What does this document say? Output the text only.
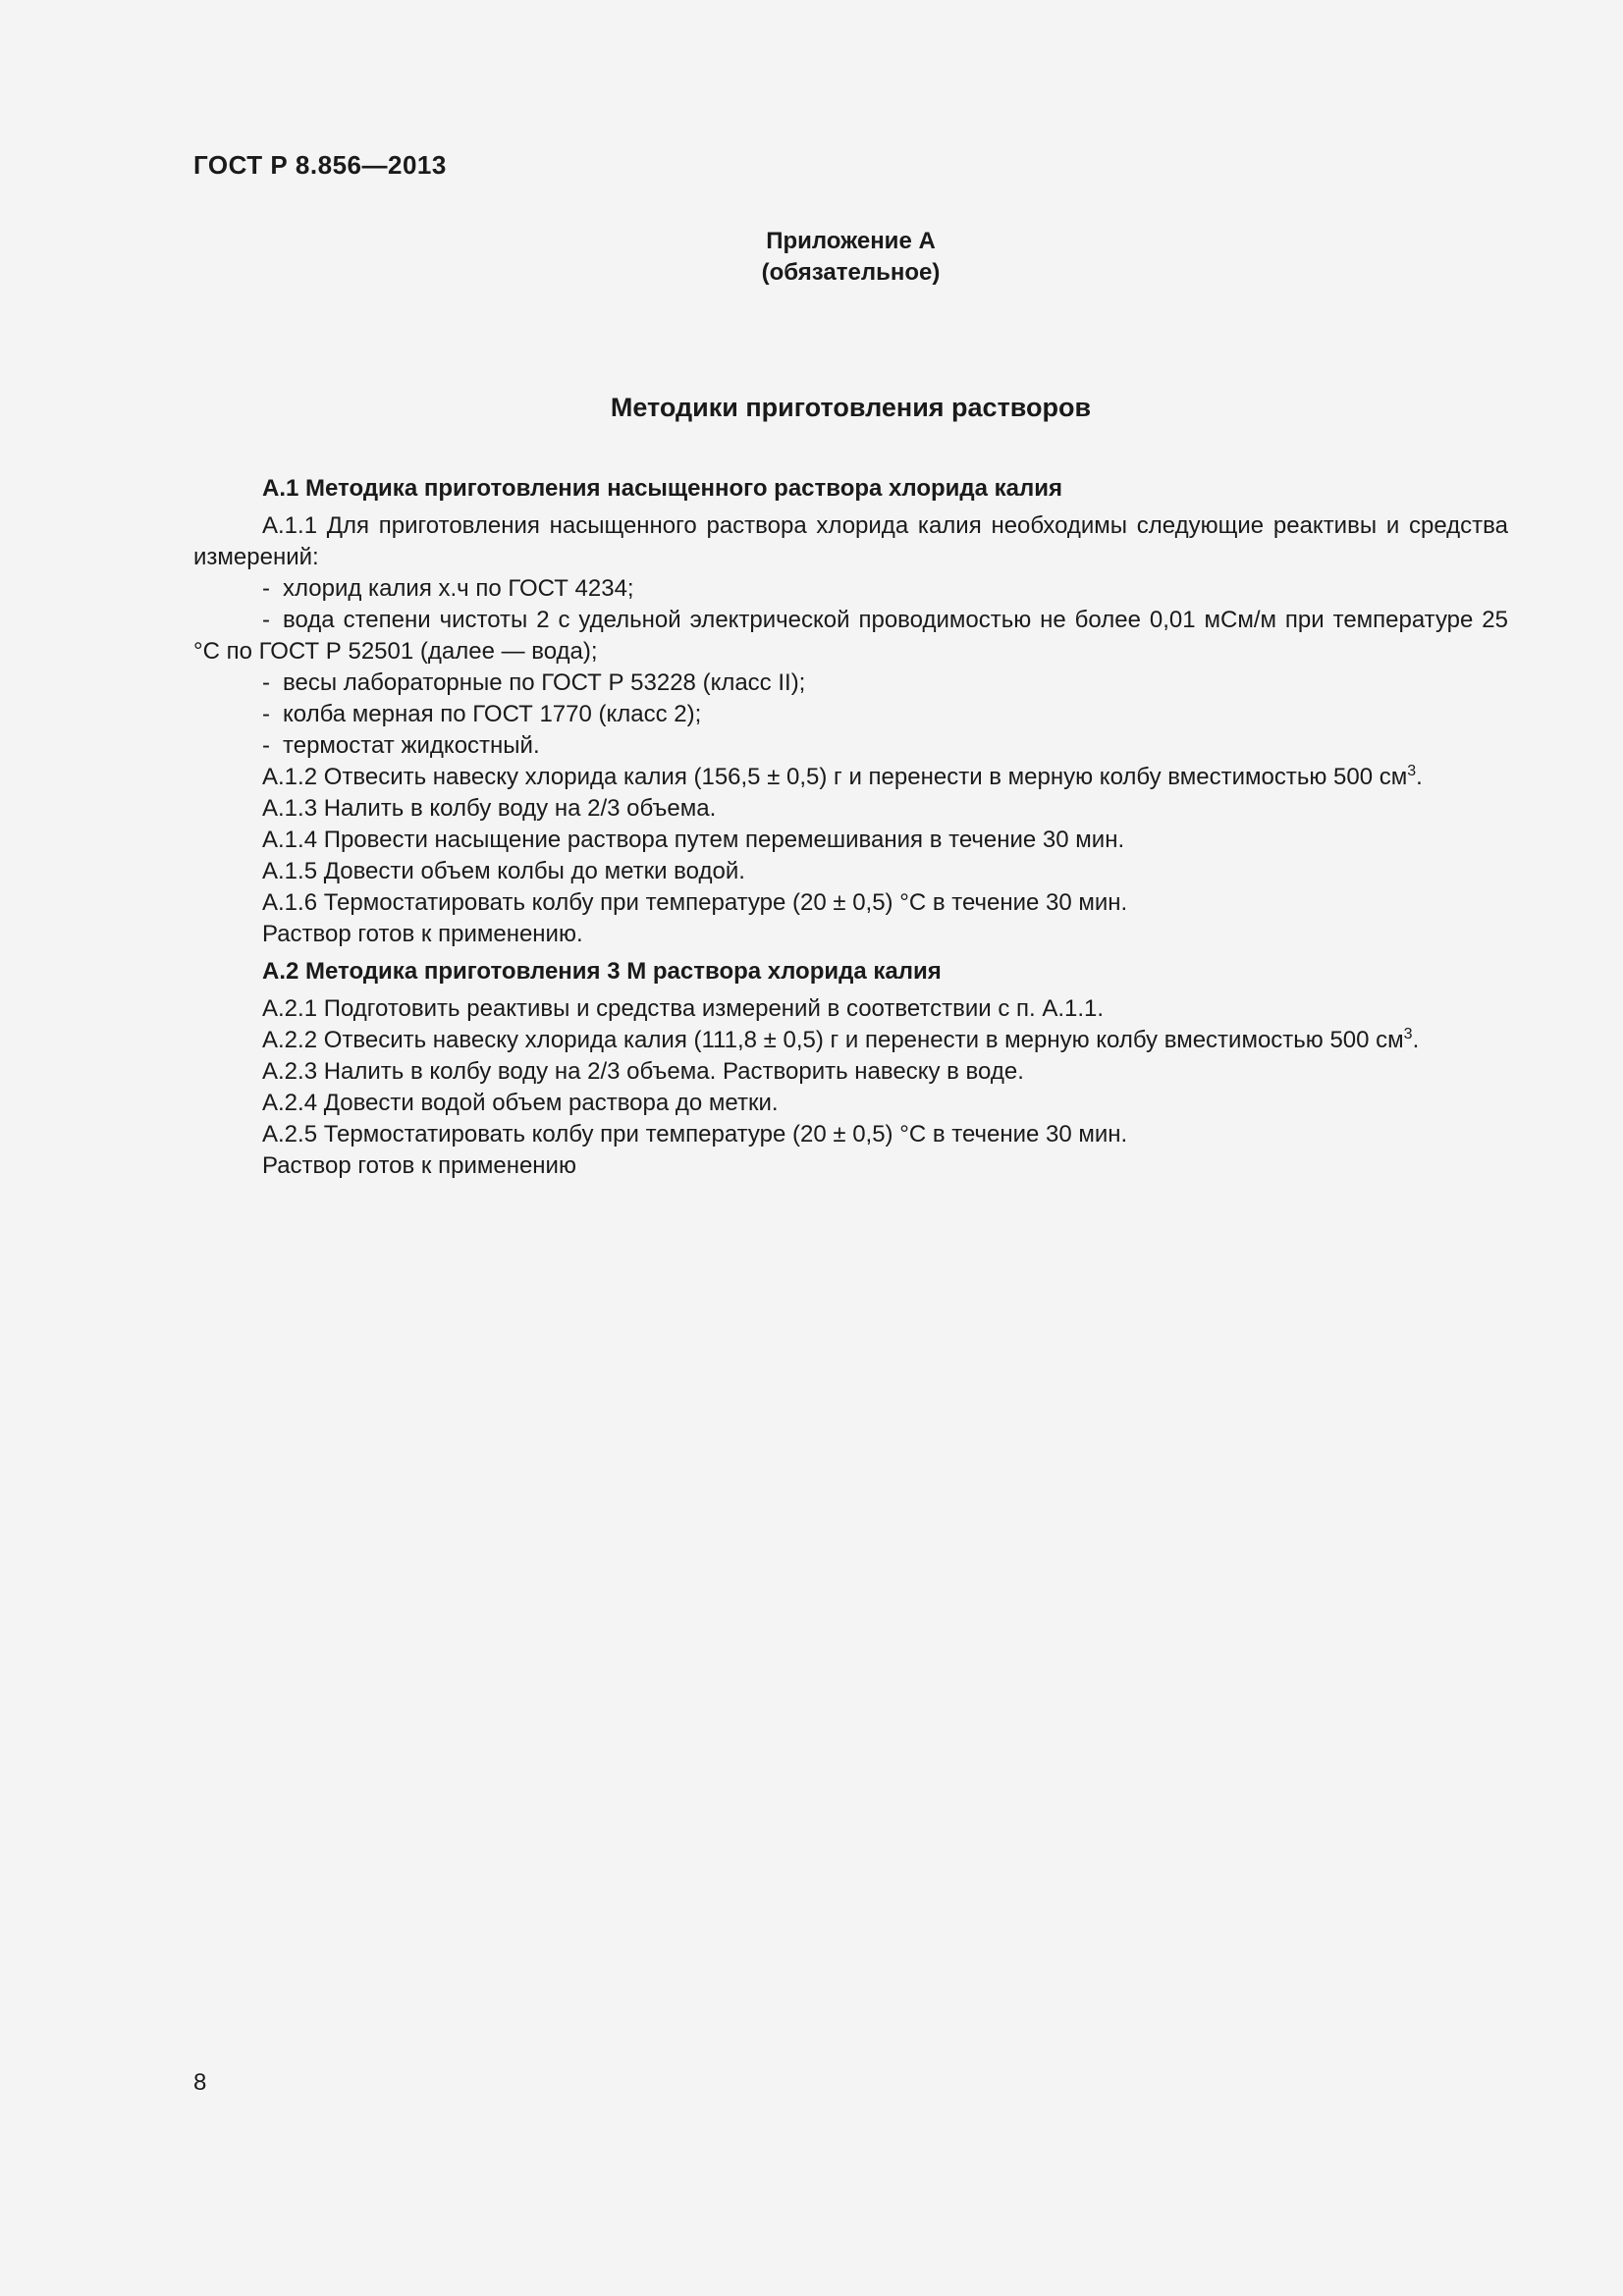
ГОСТ Р 8.856—2013
Приложение А
(обязательное)
Методики приготовления растворов

А.1 Методика приготовления насыщенного раствора хлорида калия

А.1.1 Для приготовления насыщенного раствора хлорида калия необходимы следующие реактивы и средства измерений:

- хлорид калия х.ч по ГОСТ 4234;

- вода степени чистоты 2 с удельной электрической проводимостью не более 0,01 мСм/м при температуре 25 °С по ГОСТ Р 52501 (далее — вода);

- весы лабораторные по ГОСТ Р 53228 (класс II);

- колба мерная по ГОСТ 1770 (класс 2);

- термостат жидкостный.

А.1.2 Отвесить навеску хлорида калия (156,5 ± 0,5) г и перенести в мерную колбу вместимостью 500 $см^3$.

А.1.3 Налить в колбу воду на 2/3 объема.

А.1.4 Провести насыщение раствора путем перемешивания в течение 30 мин.

А.1.5 Довести объем колбы до метки водой.

А.1.6 Термостатировать колбу при температуре (20 ± 0,5) °С в течение 30 мин.

Раствор готов к применению.

А.2 Методика приготовления 3 М раствора хлорида калия

А.2.1 Подготовить реактивы и средства измерений в соответствии с п. А.1.1.

А.2.2 Отвесить навеску хлорида калия (111,8 ± 0,5) г и перенести в мерную колбу вместимостью 500 $см^3$.

А.2.3 Налить в колбу воду на 2/3 объема. Растворить навеску в воде.

А.2.4 Довести водой объем раствора до метки.

А.2.5 Термостатировать колбу при температуре (20 ± 0,5) °С в течение 30 мин.

Раствор готов к применению

8
